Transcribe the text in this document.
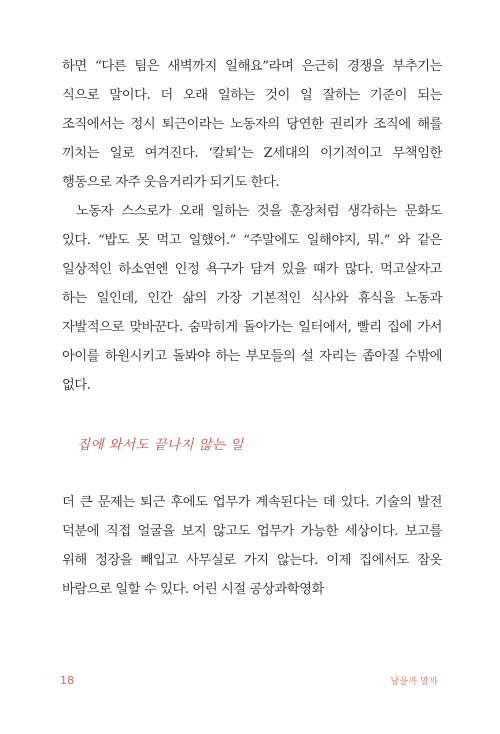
하면 “다른 팀은 새벽까지 일해요”라며 은근히 경쟁을 부추기는 식으로 말이다. 더 오래 일하는 것이 일 잘하는 기준이 되는 조직에서는 정시 퇴근이라는 노동자의 당연한 권리가 조직에 해를 끼치는 일로 여겨진다. ‘칼퇴’는 Z세대의 이기적이고 무책임한 행동으로 자주 웃음거리가 되기도 한다.

노동자 스스로가 오래 일하는 것을 훈장처럼 생각하는 문화도 있다. “밥도 못 먹고 일했어.” “주말에도 일해야지, 뭐.” 와 같은 일상적인 하소연엔 인정 욕구가 담겨 있을 때가 많다. 먹고살자고 하는 일인데, 인간 삶의 가장 기본적인 식사와 휴식을 노동과 자발적으로 맞바꾼다. 숨막히게 돌아가는 일터에서, 빨리 집에 가서 아이를 하원시키고 돌봐야 하는 부모들의 설 자리는 좁아질 수밖에 없다.

집에 와서도 끝나지 않는 일

더 큰 문제는 퇴근 후에도 업무가 계속된다는 데 있다. 기술의 발전 덕분에 직접 얼굴을 보지 않고도 업무가 가능한 세상이다. 보고를 위해 정장을 빼입고 사무실로 가지 않는다. 이제 집에서도 잠옷 바람으로 일할 수 있다. 어린 시절 공상과학영화

18	남을까 말까
